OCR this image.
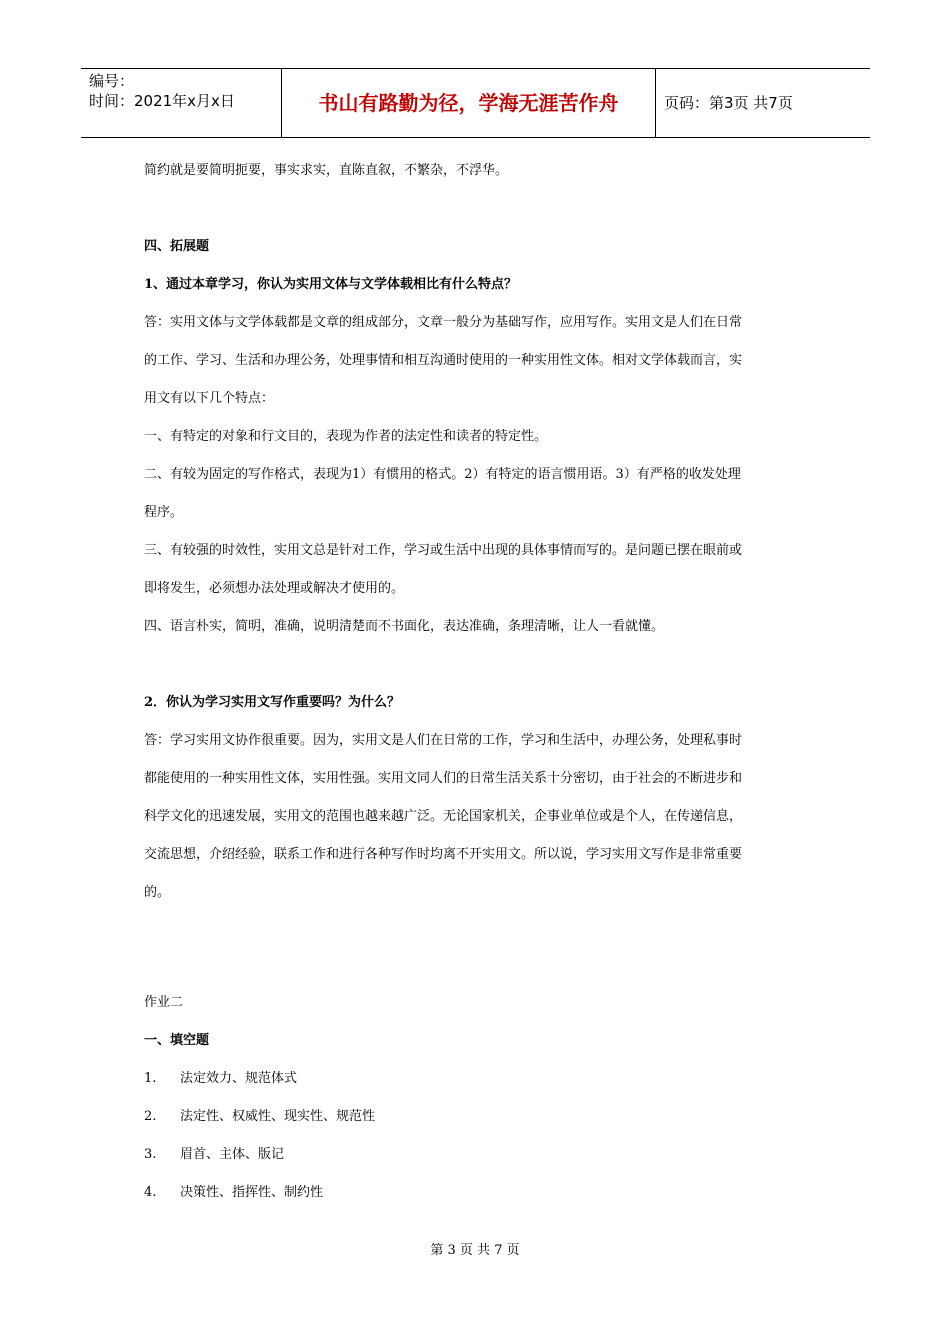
编号：
时间：2021年x月x日	书山有路勤为径，学海无涯苦作舟	页码：第3页 共7页
简约就是要简明扼要，事实求实，直陈直叙，不繁杂，不浮华。
四、拓展题
1、通过本章学习，你认为实用文体与文学体载相比有什么特点？
答：实用文体与文学体载都是文章的组成部分，文章一般分为基础写作，应用写作。实用文是人们在日常
的工作、学习、生活和办理公务，处理事情和相互沟通时使用的一种实用性文体。相对文学体载而言，实
用文有以下几个特点：
一、有特定的对象和行文目的，表现为作者的法定性和读者的特定性。
二、有较为固定的写作格式，表现为1）有惯用的格式。2）有特定的语言惯用语。3）有严格的收发处理
程序。
三、有较强的时效性，实用文总是针对工作，学习或生活中出现的具体事情而写的。是问题已摆在眼前或
即将发生，必须想办法处理或解决才使用的。
四、语言朴实，简明，准确，说明清楚而不书面化，表达准确，条理清晰，让人一看就懂。
2．你认为学习实用文写作重要吗？为什么？
答：学习实用文协作很重要。因为，实用文是人们在日常的工作，学习和生活中，办理公务，处理私事时
都能使用的一种实用性文体，实用性强。实用文同人们的日常生活关系十分密切，由于社会的不断进步和
科学文化的迅速发展，实用文的范围也越来越广泛。无论国家机关，企事业单位或是个人，在传递信息，
交流思想，介绍经验，联系工作和进行各种写作时均离不开实用文。所以说，学习实用文写作是非常重要
的。
作业二
一、填空题
1. 法定效力、规范体式
2. 法定性、权威性、现实性、规范性
3. 眉首、主体、版记
4. 决策性、指挥性、制约性
第 3 页 共 7 页
